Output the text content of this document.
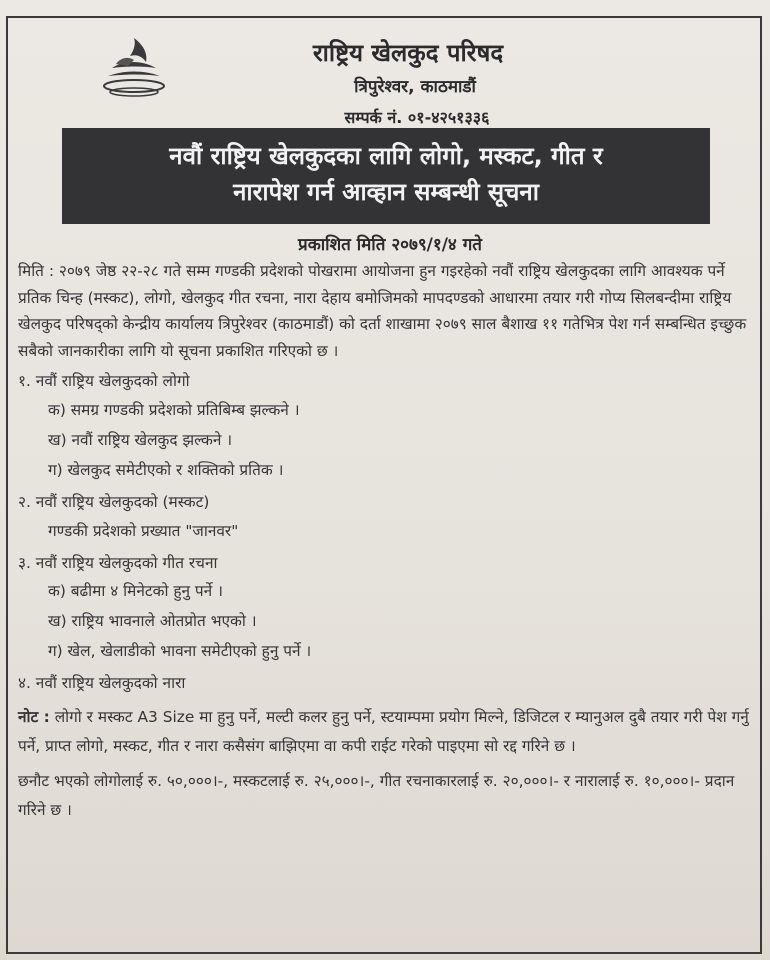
राष्ट्रिय खेलकुद परिषद
त्रिपुरेश्वर, काठमाडौं
सम्पर्क नं. ०१-४२५१३३६
नवौं राष्ट्रिय खेलकुदका लागि लोगो, मस्कट, गीत र
नारापेश गर्न आव्हान सम्बन्धी सूचना
प्रकाशित मिति २०७९/१/४ गते

मिति : २०७९ जेष्ठ २२-२८ गते सम्म गण्डकी प्रदेशको पोखरामा आयोजना हुन गइरहेको नवौं राष्ट्रिय खेलकुदका लागि आवश्यक पर्ने प्रतिक चिन्ह (मस्कट), लोगो, खेलकुद गीत रचना, नारा देहाय बमोजिमको मापदण्डको आधारमा तयार गरी गोप्य सिलबन्दीमा राष्ट्रिय खेलकुद परिषद्को केन्द्रीय कार्यालय त्रिपुरेश्वर (काठमाडौं) को दर्ता शाखामा २०७९ साल बैशाख ११ गतेभित्र पेश गर्न सम्बन्धित इच्छुक सबैको जानकारीका लागि यो सूचना प्रकाशित गरिएको छ ।

१. नवौं राष्ट्रिय खेलकुदको लोगो
क) समग्र गण्डकी प्रदेशको प्रतिबिम्ब झल्कने ।
ख) नवौं राष्ट्रिय खेलकुद झल्कने ।
ग) खेलकुद समेटीएको र शक्तिको प्रतिक ।
२. नवौं राष्ट्रिय खेलकुदको (मस्कट)
गण्डकी प्रदेशको प्रख्यात "जानवर"
३. नवौं राष्ट्रिय खेलकुदको गीत रचना
क) बढीमा ४ मिनेटको हुनु पर्ने ।
ख) राष्ट्रिय भावनाले ओतप्रोत भएको ।
ग) खेल, खेलाडीको भावना समेटीएको हुनु पर्ने ।
४. नवौं राष्ट्रिय खेलकुदको नारा

नोट : लोगो र मस्कट A3 Size मा हुनु पर्ने, मल्टी कलर हुनु पर्ने, स्टयाम्पमा प्रयोग मिल्ने, डिजिटल र म्यानुअल दुबै तयार गरी पेश गर्नु पर्ने, प्राप्त लोगो, मस्कट, गीत र नारा कसैसंग बाझिएमा वा कपी राईट गरेको पाइएमा सो रद्द गरिने छ ।

छनौट भएको लोगोलाई रु. ५०,०००।-, मस्कटलाई रु. २५,०००।-, गीत रचनाकारलाई रु. २०,०००।- र नारालाई रु. १०,०००।- प्रदान गरिने छ ।
